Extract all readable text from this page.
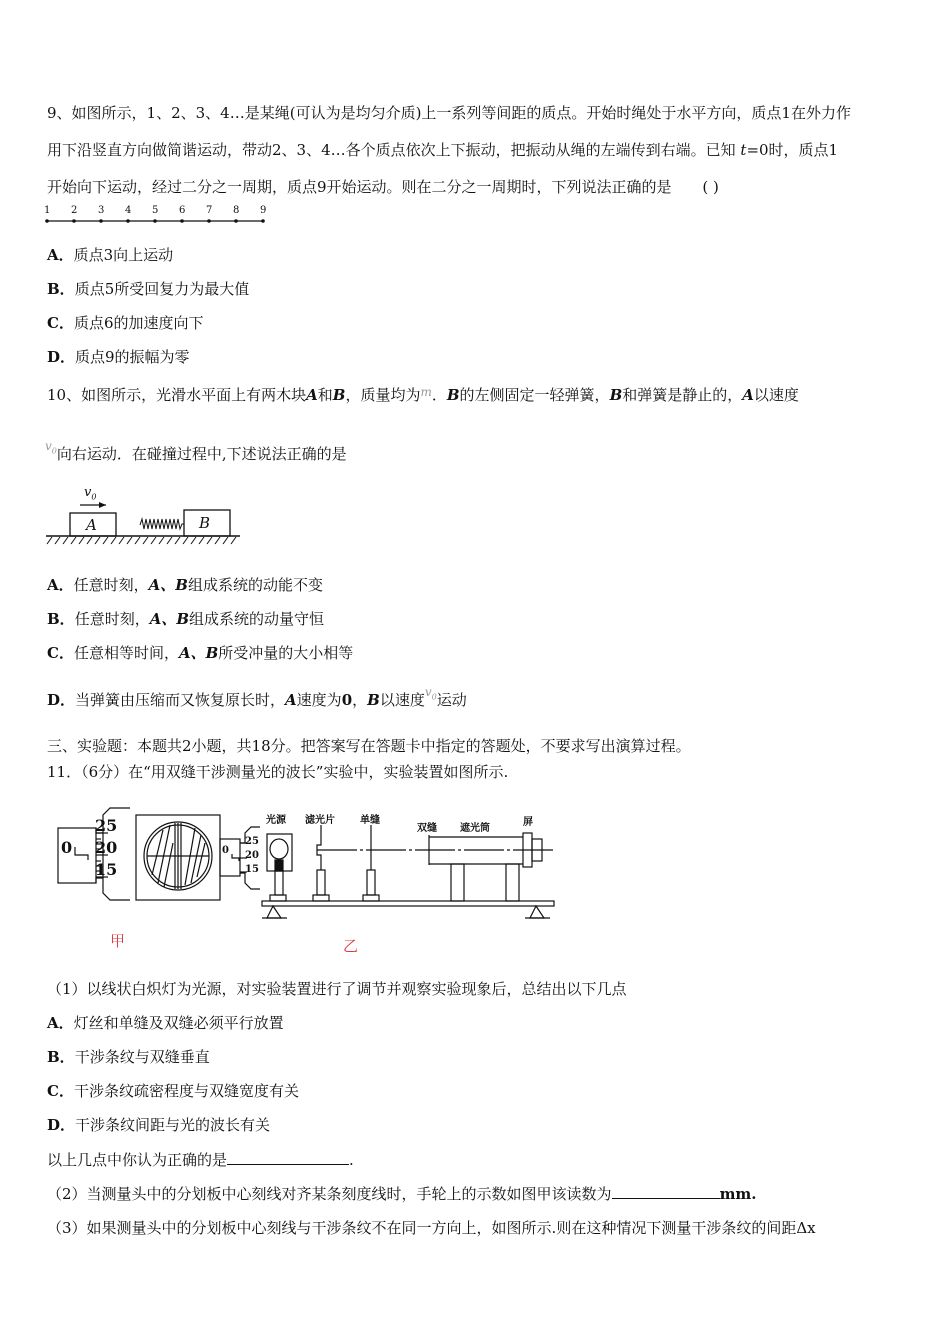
9、如图所示，1、2、3、4…是某绳(可认为是均匀介质)上一系列等间距的质点。开始时绳处于水平方向，质点1在外力作
用下沿竖直方向做简谐运动，带动2、3、4…各个质点依次上下振动，把振动从绳的左端传到右端。已知 t=0时，质点1
开始向下运动，经过二分之一周期，质点9开始运动。则在二分之一周期时，下列说法正确的是 ( )
1 2 3 4 5 6 7 8 9
A．质点3向上运动
B．质点5所受回复力为最大值
C．质点6的加速度向下
D．质点9的振幅为零
10、如图所示，光滑水平面上有两木块A和B，质量均为$^m$．B的左侧固定一轻弹簧，B和弹簧是静止的，A以速度
$^{v_0}$向右运动．在碰撞过程中,下述说法正确的是
$v_0$
A	B
A．任意时刻，A、B组成系统的动能不变
B．任意时刻，A、B组成系统的动量守恒
C．任意相等时间，A、B所受冲量的大小相等
D．当弹簧由压缩而又恢复原长时，A速度为0，B以速度$^{v_0}$运动
三、实验题：本题共2小题，共18分。把答案写在答题卡中指定的答题处，不要求写出演算过程。
11．（6分）在“用双缝干涉测量光的波长”实验中，实验装置如图所示.
25
20
15
0	25
20
15
0
光源 滤光片	单缝
双缝 遮光筒
屏
甲	乙
（1）以线状白炽灯为光源，对实验装置进行了调节并观察实验现象后，总结出以下几点
A．灯丝和单缝及双缝必须平行放置
B．干涉条纹与双缝垂直
C．干涉条纹疏密程度与双缝宽度有关
D．干涉条纹间距与光的波长有关
以上几点中你认为正确的是	.
（2）当测量头中的分划板中心刻线对齐某条刻度线时，手轮上的示数如图甲该读数为	mm.
（3）如果测量头中的分划板中心刻线与干涉条纹不在同一方向上，如图所示.则在这种情况下测量干涉条纹的间距Δx
